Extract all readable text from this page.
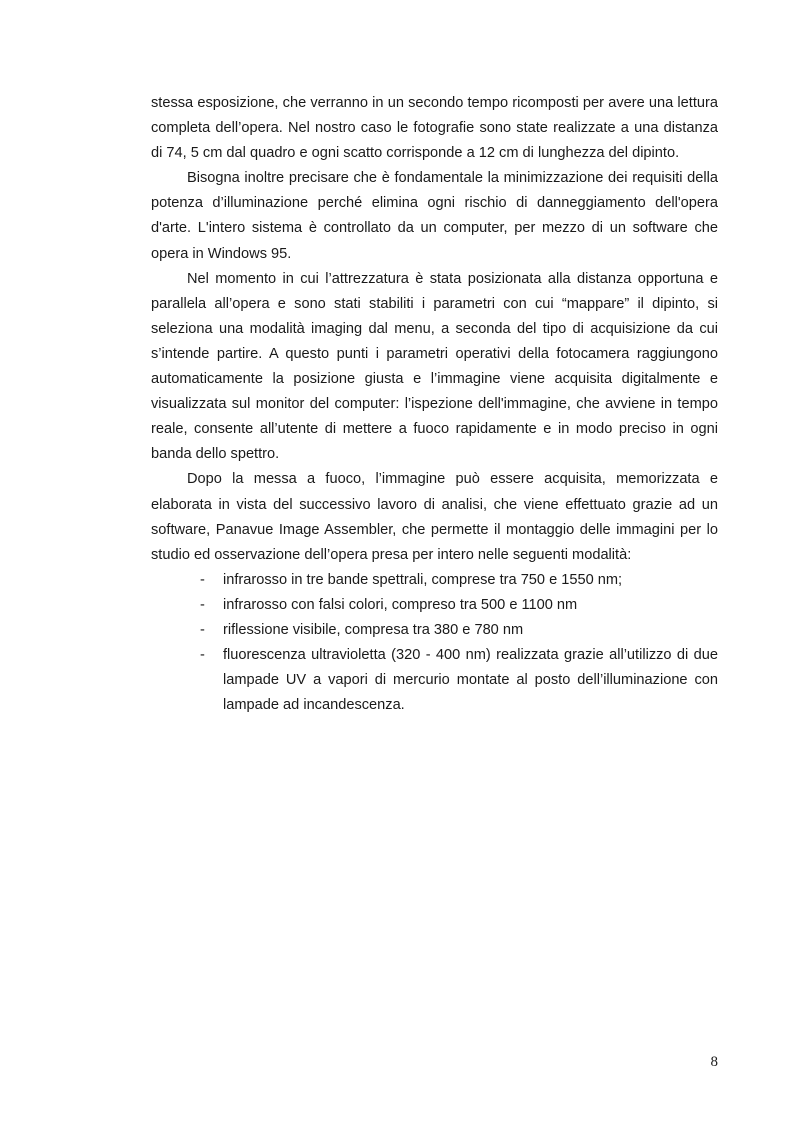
stessa esposizione, che verranno in un secondo tempo ricomposti per avere una lettura completa dell’opera. Nel nostro caso le fotografie sono state realizzate a una distanza di 74, 5 cm dal quadro e ogni scatto corrisponde a 12 cm di lunghezza del dipinto.

Bisogna inoltre precisare che è fondamentale la minimizzazione dei requisiti della potenza d’illuminazione perché elimina ogni rischio di danneggiamento dell'opera d'arte. L'intero sistema è controllato da un computer, per mezzo di un software che opera in Windows 95.

Nel momento in cui l’attrezzatura è stata posizionata alla distanza opportuna e parallela all’opera e sono stati stabiliti i parametri con cui “mappare” il dipinto, si seleziona una modalità imaging dal menu, a seconda del tipo di acquisizione da cui s’intende partire. A questo punti i parametri operativi della fotocamera raggiungono automaticamente la posizione giusta e l’immagine viene acquisita digitalmente e visualizzata sul monitor del computer: l’ispezione dell'immagine, che avviene in tempo reale, consente all’utente di mettere a fuoco rapidamente e in modo preciso in ogni banda dello spettro.

Dopo la messa a fuoco, l’immagine può essere acquisita, memorizzata e elaborata in vista del successivo lavoro di analisi, che viene effettuato grazie ad un software, Panavue Image Assembler, che permette il montaggio delle immagini per lo studio ed osservazione dell’opera presa per intero nelle seguenti modalità:

- infrarosso in tre bande spettrali, comprese tra 750 e 1550 nm;
- infrarosso con falsi colori, compreso tra 500 e 1100 nm
- riflessione visibile, compresa tra 380 e 780 nm
- fluorescenza ultravioletta (320 - 400 nm) realizzata grazie all’utilizzo di due lampade UV a vapori di mercurio montate al posto dell’illuminazione con lampade ad incandescenza.
8
